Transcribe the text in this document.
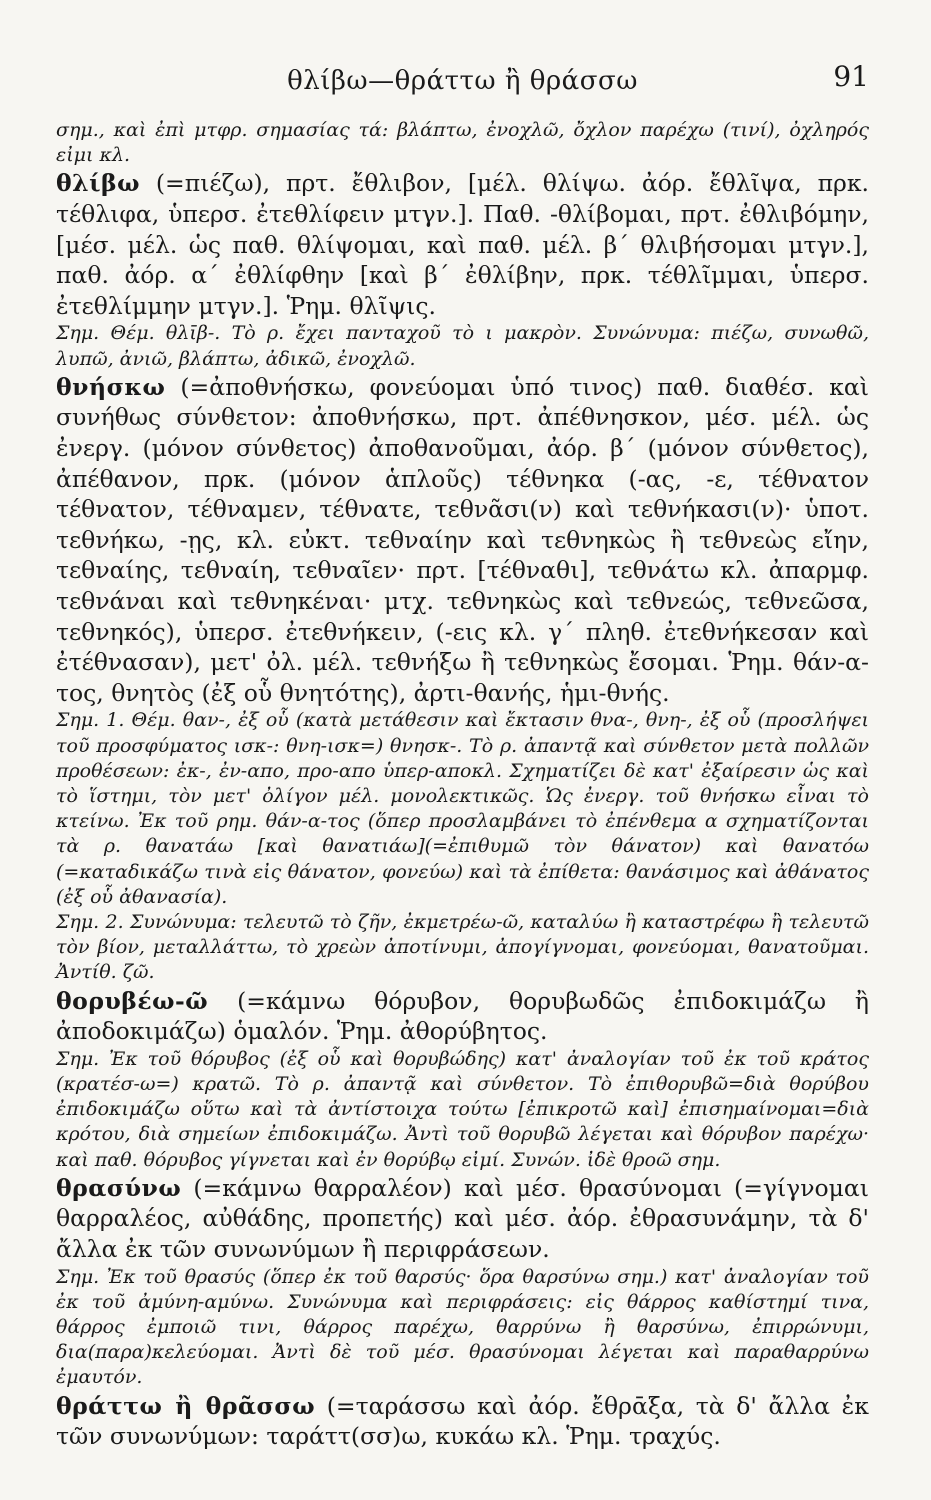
θλίβω—θράττω ἢ θράσσω	91

σημ., καὶ ἐπὶ μτφρ. σημασίας τά: βλάπτω, ἐνοχλῶ, ὄχλον παρέχω (τινί), ὀχληρός εἰμι κλ.

θλίβω (=πιέζω), πρτ. ἔθλιβον, [μέλ. θλίψω. ἀόρ. ἔθλῖψα, πρκ. τέθλιφα, ὑπερσ. ἐτεθλίφειν μτγν.]. Παθ. -θλίβομαι, πρτ. ἐθλιβόμην, [μέσ. μέλ. ὡς παθ. θλίψομαι, καὶ παθ. μέλ. β΄ θλιβήσομαι μτγν.], παθ. ἀόρ. α΄ ἐθλίφθην [καὶ β΄ ἐθλίβην, πρκ. τέθλῖμμαι, ὑπερσ. ἐτεθλίμμην μτγν.]. Ῥημ. θλῖψις.

Σημ. Θέμ. θλῑβ-. Τὸ ρ. ἔχει πανταχοῦ τὸ ι μακρὸν. Συνώνυμα: πιέζω, συνωθῶ, λυπῶ, ἀνιῶ, βλάπτω, ἀδικῶ, ἐνοχλῶ.

θνήσκω (=ἀποθνήσκω, φονεύομαι ὑπό τινος) παθ. διαθέσ. καὶ συνήθως σύνθετον: ἀποθνήσκω, πρτ. ἀπέθνησκον, μέσ. μέλ. ὡς ἐνεργ. (μόνον σύνθετος) ἀποθανοῦμαι, ἀόρ. β΄ (μόνον σύνθετος), ἀπέθανον, πρκ. (μόνον ἁπλοῦς) τέθνηκα (-ας, -ε, τέθνατον τέθνατον, τέθναμεν, τέθνατε, τεθνᾶσι(ν) καὶ τεθνήκασι(ν)· ὑποτ. τεθνήκω, -ῃς, κλ. εὐκτ. τεθναίην καὶ τεθνηκὼς ἢ τεθνεὼς εἴην, τεθναίης, τεθναίη, τεθναῖεν· πρτ. [τέθναθι], τεθνάτω κλ. ἀπαρμφ. τεθνάναι καὶ τεθνηκέναι· μτχ. τεθνηκὼς καὶ τεθνεώς, τεθνεῶσα, τεθνηκός), ὑπερσ. ἐτεθνήκειν, (-εις κλ. γ΄ πληθ. ἐτεθνήκεσαν καὶ ἐτέθνασαν), μετ' ὀλ. μέλ. τεθνήξω ἢ τεθνηκὼς ἔσομαι. Ῥημ. θάν-α-τος, θνητὸς (ἐξ οὗ θνητότης), ἀρτι-θανής, ἡμι-θνής.

Σημ. 1. Θέμ. θαν-, ἐξ οὗ (κατὰ μετάθεσιν καὶ ἔκτασιν θνα-, θνη-, ἐξ οὗ (προσλήψει τοῦ προσφύματος ισκ-: θνη-ισκ=) θνησκ-. Τὸ ρ. ἀπαντᾷ καὶ σύνθετον μετὰ πολλῶν προθέσεων: ἐκ-, ἐν-απο, προ-απο ὑπερ-αποκλ. Σχηματίζει δὲ κατ' ἐξαίρεσιν ὡς καὶ τὸ ἵστημι, τὸν μετ' ὀλίγον μέλ. μονολεκτικῶς. Ὡς ἐνεργ. τοῦ θνήσκω εἶναι τὸ κτείνω. Ἐκ τοῦ ρημ. θάν-α-τος (ὅπερ προσλαμβάνει τὸ ἐπένθεμα α σχηματίζονται τὰ ρ. θανατάω [καὶ θανατιάω](=ἐπιθυμῶ τὸν θάνατον) καὶ θανατόω (=καταδικάζω τινὰ εἰς θάνατον, φονεύω) καὶ τὰ ἐπίθετα: θανάσιμος καὶ ἀθάνατος (ἐξ οὗ ἀθανασία).

Σημ. 2. Συνώνυμα: τελευτῶ τὸ ζῆν, ἐκμετρέω-ῶ, καταλύω ἢ καταστρέφω ἢ τελευτῶ τὸν βίον, μεταλλάττω, τὸ χρεὼν ἀποτίνυμι, ἀπογίγνομαι, φονεύομαι, θανατοῦμαι. Ἀντίθ. ζῶ.

θορυβέω-ῶ (=κάμνω θόρυβον, θορυβωδῶς ἐπιδοκιμάζω ἢ ἀποδοκιμάζω) ὁμαλόν. Ῥημ. ἀθορύβητος.

Σημ. Ἐκ τοῦ θόρυβος (ἐξ οὗ καὶ θορυβώδης) κατ' ἀναλογίαν τοῦ ἐκ τοῦ κράτος (κρατέσ-ω=) κρατῶ. Τὸ ρ. ἀπαντᾷ καὶ σύνθετον. Τὸ ἐπιθορυβῶ=διὰ θορύβου ἐπιδοκιμάζω οὕτω καὶ τὰ ἀντίστοιχα τούτω [ἐπικροτῶ καὶ] ἐπισημαίνομαι=διὰ κρότου, διὰ σημείων ἐπιδοκιμάζω. Ἀντὶ τοῦ θορυβῶ λέγεται καὶ θόρυβον παρέχω· καὶ παθ. θόρυβος γίγνεται καὶ ἐν θορύβῳ εἰμί. Συνών. ἰδὲ θροῶ σημ.

θρασύνω (=κάμνω θαρραλέον) καὶ μέσ. θρασύνομαι (=γίγνομαι θαρραλέος, αὐθάδης, προπετής) καὶ μέσ. ἀόρ. ἐθρασυνάμην, τὰ δ' ἄλλα ἐκ τῶν συνωνύμων ἢ περιφράσεων.

Σημ. Ἐκ τοῦ θρασύς (ὅπερ ἐκ τοῦ θαρσύς· ὅρα θαρσύνω σημ.) κατ' ἀναλογίαν τοῦ ἐκ τοῦ ἀμύνη-αμύνω. Συνώνυμα καὶ περιφράσεις: εἰς θάρρος καθίστημί τινα, θάρρος ἐμποιῶ τινι, θάρρος παρέχω, θαρρύνω ἢ θαρσύνω, ἐπιρρώνυμι, δια(παρα)κελεύομαι. Ἀντὶ δὲ τοῦ μέσ. θρασύνομαι λέγεται καὶ παραθαρρύνω ἐμαυτόν.

θράττω ἢ θρᾶσσω (=ταράσσω καὶ ἀόρ. ἔθρᾱξα, τὰ δ' ἄλλα ἐκ τῶν συνωνύμων: ταράττ(σσ)ω, κυκάω κλ. Ῥημ. τραχύς.
